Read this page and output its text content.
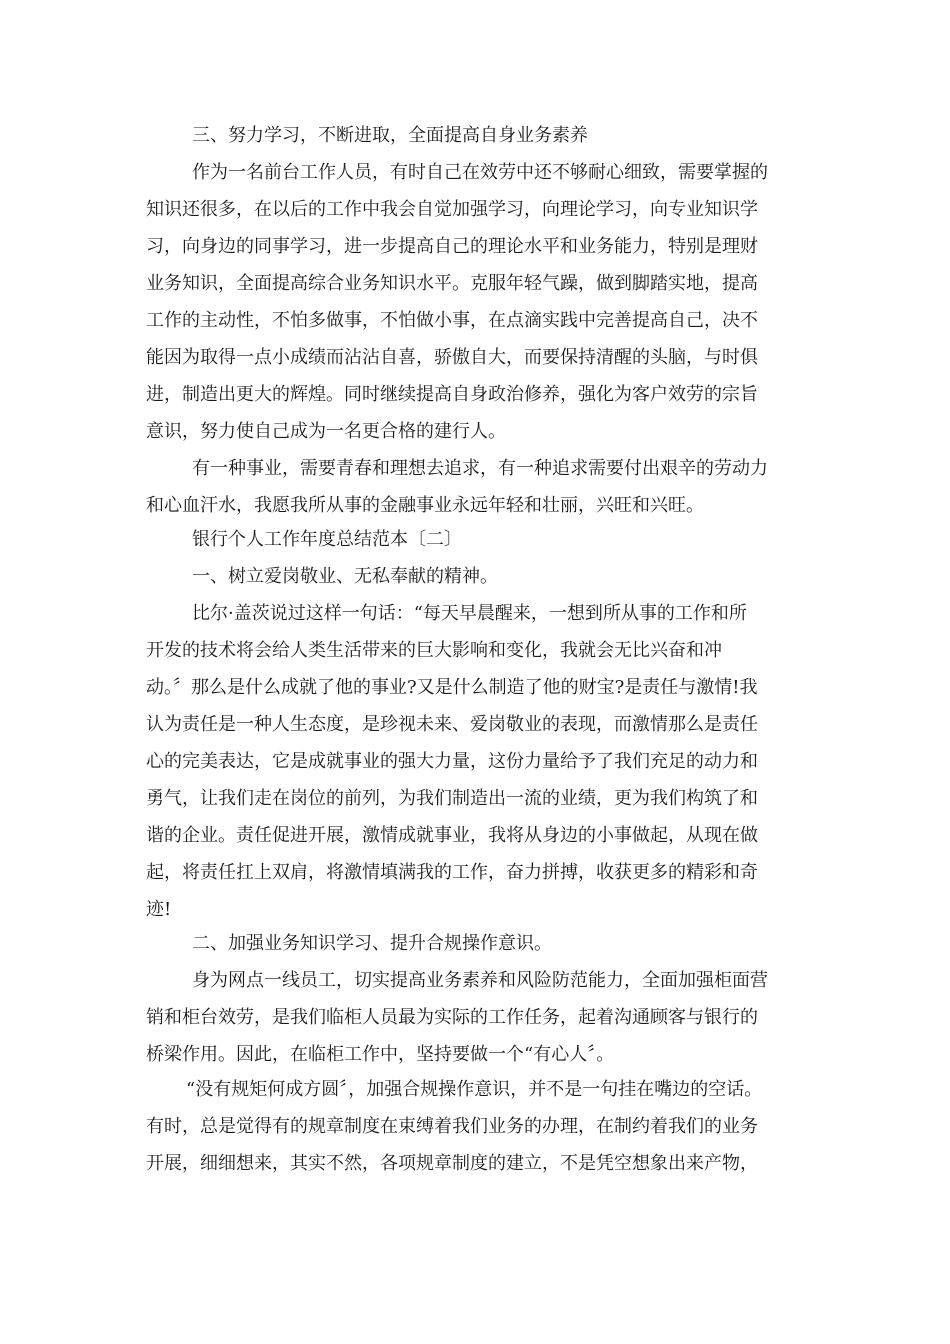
三、努力学习，不断进取，全面提高自身业务素养
作为一名前台工作人员，有时自己在效劳中还不够耐心细致，需要掌握的
知识还很多，在以后的工作中我会自觉加强学习，向理论学习，向专业知识学
习，向身边的同事学习，进一步提高自己的理论水平和业务能力，特别是理财
业务知识，全面提高综合业务知识水平。克服年轻气躁，做到脚踏实地，提高
工作的主动性，不怕多做事，不怕做小事，在点滴实践中完善提高自己，决不
能因为取得一点小成绩而沾沾自喜，骄傲自大，而要保持清醒的头脑，与时俱
进，制造出更大的辉煌。同时继续提高自身政治修养，强化为客户效劳的宗旨
意识，努力使自己成为一名更合格的建行人。
有一种事业，需要青春和理想去追求，有一种追求需要付出艰辛的劳动力
和心血汗水，我愿我所从事的金融事业永远年轻和壮丽，兴旺和兴旺。
银行个人工作年度总结范本〔二〕
一、树立爱岗敬业、无私奉献的精神。
比尔·盖茨说过这样一句话：“每天早晨醒来，一想到所从事的工作和所
开发的技术将会给人类生活带来的巨大影响和变化，我就会无比兴奋和冲
动。〞那么是什么成就了他的事业?又是什么制造了他的财宝?是责任与激情!我
认为责任是一种人生态度，是珍视未来、爱岗敬业的表现，而激情那么是责任
心的完美表达，它是成就事业的强大力量，这份力量给予了我们充足的动力和
勇气，让我们走在岗位的前列，为我们制造出一流的业绩，更为我们构筑了和
谐的企业。责任促进开展，激情成就事业，我将从身边的小事做起，从现在做
起，将责任扛上双肩，将激情填满我的工作，奋力拼搏，收获更多的精彩和奇
迹!
二、加强业务知识学习、提升合规操作意识。
身为网点一线员工，切实提高业务素养和风险防范能力，全面加强柜面营
销和柜台效劳，是我们临柜人员最为实际的工作任务，起着沟通顾客与银行的
桥梁作用。因此，在临柜工作中，坚持要做一个“有心人〞。
“没有规矩何成方圆〞，加强合规操作意识，并不是一句挂在嘴边的空话。
有时，总是觉得有的规章制度在束缚着我们业务的办理，在制约着我们的业务
开展，细细想来，其实不然，各项规章制度的建立，不是凭空想象出来产物，
